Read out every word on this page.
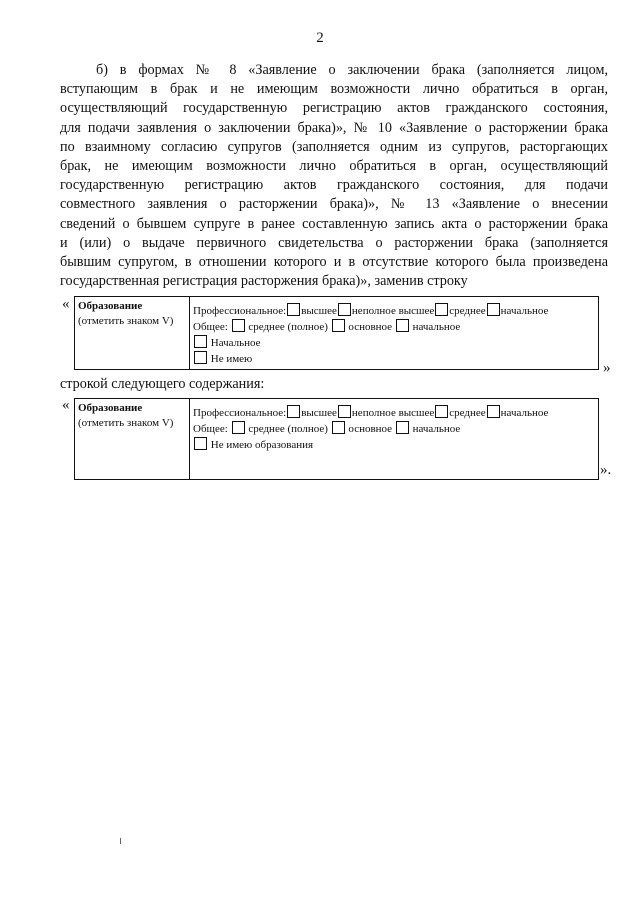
2
б) в формах № 8 «Заявление о заключении брака (заполняется лицом,
вступающим в брак и не имеющим возможности лично обратиться в орган,
осуществляющий государственную регистрацию актов гражданского состояния,
для подачи заявления о заключении брака)», № 10 «Заявление о расторжении брака
по взаимному согласию супругов (заполняется одним из супругов, расторгающих
брак, не имеющим возможности лично обратиться в орган, осуществляющий
государственную регистрацию актов гражданского состояния, для подачи
совместного заявления о расторжении брака)», № 13 «Заявление о внесении
сведений о бывшем супруге в ранее составленную запись акта о расторжении брака
и (или) о выдаче первичного свидетельства о расторжении брака (заполняется
бывшим супругом, в отношении которого и в отсутствие которого была произведена
государственная регистрация расторжения брака)», заменив строку
« Образование
(отметить знаком V)

Профессиональное: высшее неполное высшее среднее начальное
Общее: среднее (полное) основное начальное
Начальное
Не имею
»
строкой следующего содержания:
« Образование
(отметить знаком V)

Профессиональное: высшее неполное высшее среднее начальное
Общее: среднее (полное) основное начальное
Не имею образования
».
